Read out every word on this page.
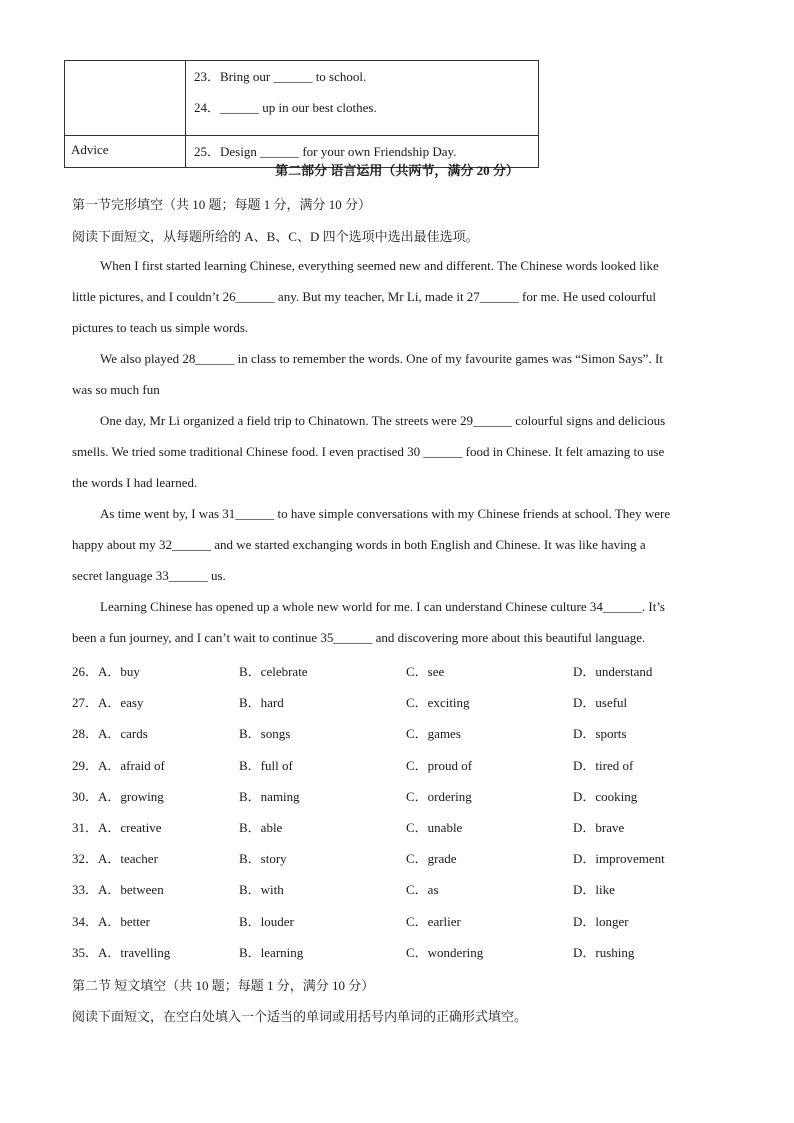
	23．Bring our ______ to school.
24．______ up in our best clothes.

Advice	25．Design ______ for your own Friendship Day.
第二部分 语言运用（共两节，满分 20 分）
第一节完形填空（共 10 题；每题 1 分，满分 10 分）
阅读下面短文，从每题所给的 A、B、C、D 四个选项中选出最佳选项。
When I first started learning Chinese, everything seemed new and different. The Chinese words looked like
little pictures, and I couldn’t 26______ any. But my teacher, Mr Li, made it 27______ for me. He used colourful
pictures to teach us simple words.
We also played 28______ in class to remember the words. One of my favourite games was “Simon Says”. It
was so much fun
One day, Mr Li organized a field trip to Chinatown. The streets were 29______ colourful signs and delicious
smells. We tried some traditional Chinese food. I even practised 30 ______ food in Chinese. It felt amazing to use
the words I had learned.
As time went by, I was 31______ to have simple conversations with my Chinese friends at school. They were
happy about my 32______ and we started exchanging words in both English and Chinese. It was like having a
secret language 33______ us.
Learning Chinese has opened up a whole new world for me. I can understand Chinese culture 34______. It’s
been a fun journey, and I can’t wait to continue 35______ and discovering more about this beautiful language.
26．A．buy	B．celebrate	C．see	D．understand
27．A．easy	B．hard	C．exciting	D．useful
28．A．cards	B．songs	C．games	D．sports
29．A．afraid of	B．full of	C．proud of	D．tired of
30．A．growing	B．naming	C．ordering	D．cooking
31．A．creative	B．able	C．unable	D．brave
32．A．teacher	B．story	C．grade	D．improvement
33．A．between	B．with	C．as	D．like
34．A．better	B．louder	C．earlier	D．longer
35．A．travelling	B．learning	C．wondering	D．rushing
第二节 短文填空（共 10 题；每题 1 分，满分 10 分）
阅读下面短文，在空白处填入一个适当的单词或用括号内单词的正确形式填空。
